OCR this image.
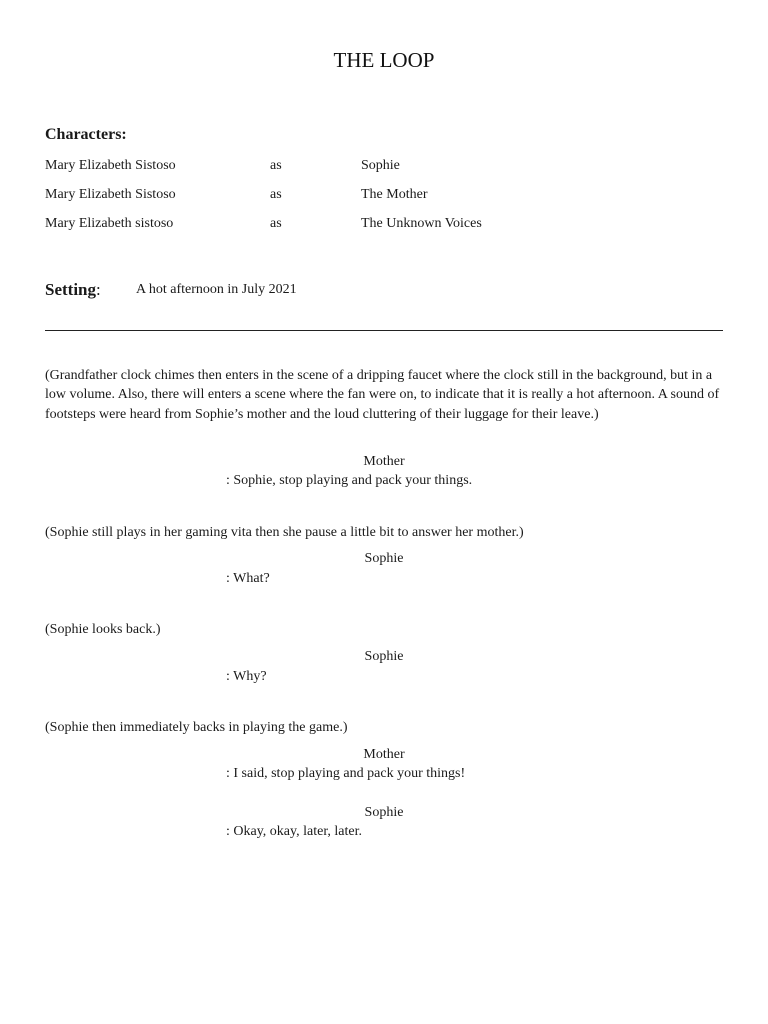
THE LOOP
Characters:
Mary Elizabeth Sistoso	as	Sophie
Mary Elizabeth Sistoso	as	The Mother
Mary Elizabeth sistoso	as	The Unknown Voices
Setting:	A hot afternoon in July 2021
(Grandfather clock chimes then enters in the scene of a dripping faucet where the clock still in the background, but in a low volume. Also, there will enters a scene where the fan were on, to indicate that it is really a hot afternoon. A sound of footsteps were heard from Sophie’s mother and the loud cluttering of their luggage for their leave.)
Mother
: Sophie, stop playing and pack your things.
(Sophie still plays in her gaming vita then she pause a little bit to answer her mother.)
Sophie
: What?
(Sophie looks back.)
Sophie
: Why?
(Sophie then immediately backs in playing the game.)
Mother
: I said, stop playing and pack your things!
Sophie
: Okay, okay, later, later.
